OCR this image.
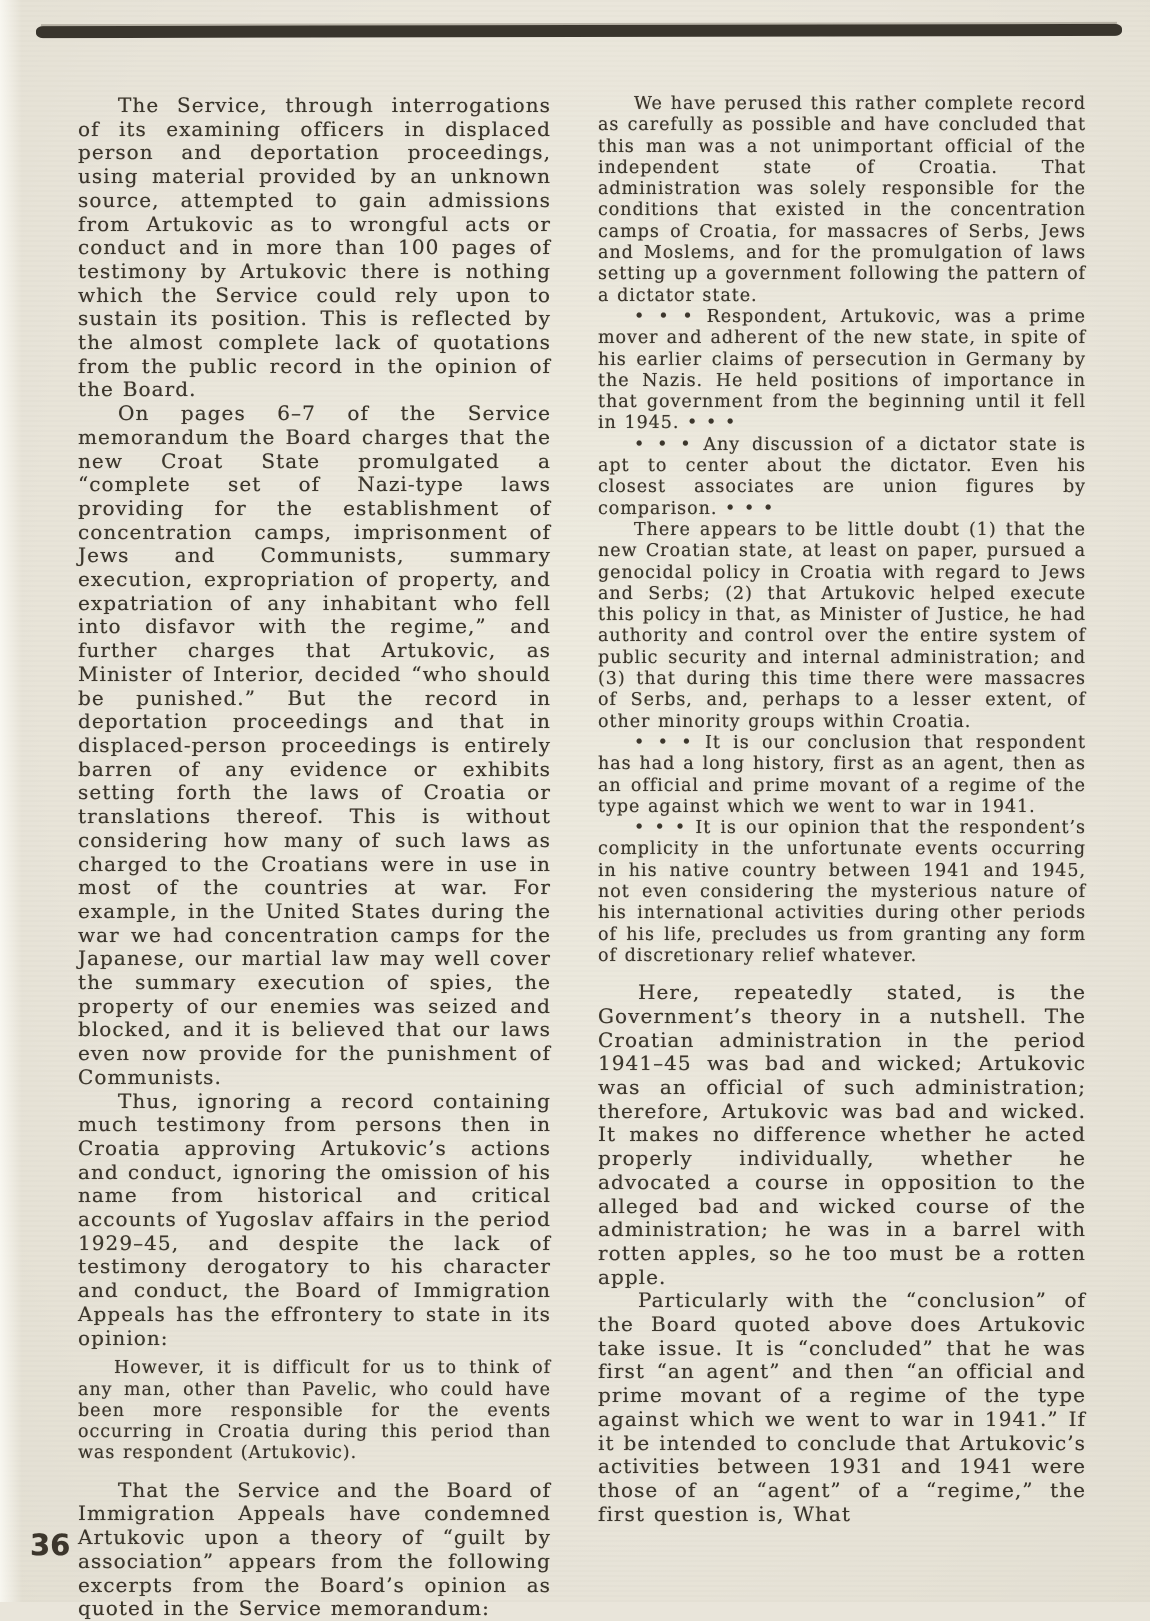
The Service, through interrogations of its examining officers in displaced person and deportation proceedings, using material provided by an unknown source, attempted to gain admissions from Artukovic as to wrongful acts or conduct and in more than 100 pages of testimony by Artukovic there is nothing which the Service could rely upon to sustain its position. This is reflected by the almost complete lack of quotations from the public record in the opinion of the Board.

On pages 6–7 of the Service memorandum the Board charges that the new Croat State promulgated a “complete set of Nazi-type laws providing for the establishment of concentration camps, imprisonment of Jews and Communists, summary execution, expropriation of property, and expatriation of any inhabitant who fell into disfavor with the regime,” and further charges that Artukovic, as Minister of Interior, decided “who should be punished.” But the record in deportation proceedings and that in displaced-person proceedings is entirely barren of any evidence or exhibits setting forth the laws of Croatia or translations thereof. This is without considering how many of such laws as charged to the Croatians were in use in most of the countries at war. For example, in the United States during the war we had concentration camps for the Japanese, our martial law may well cover the summary execution of spies, the property of our enemies was seized and blocked, and it is believed that our laws even now provide for the punishment of Communists.

Thus, ignoring a record containing much testimony from persons then in Croatia approving Artukovic’s actions and conduct, ignoring the omission of his name from historical and critical accounts of Yugoslav affairs in the period 1929–45, and despite the lack of testimony derogatory to his character and conduct, the Board of Immigration Appeals has the effrontery to state in its opinion:

However, it is difficult for us to think of any man, other than Pavelic, who could have been more responsible for the events occurring in Croatia during this period than was respondent (Artukovic).

That the Service and the Board of Immigration Appeals have condemned Artukovic upon a theory of “guilt by association” appears from the following excerpts from the Board’s opinion as quoted in the Service memorandum:

We have perused this rather complete record as carefully as possible and have concluded that this man was a not unimportant official of the independent state of Croatia. That administration was solely responsible for the conditions that existed in the concentration camps of Croatia, for massacres of Serbs, Jews and Moslems, and for the promulgation of laws setting up a government following the pattern of a dictator state.

• • • Respondent, Artukovic, was a prime mover and adherent of the new state, in spite of his earlier claims of persecution in Germany by the Nazis. He held positions of importance in that government from the beginning until it fell in 1945. • • •

• • • Any discussion of a dictator state is apt to center about the dictator. Even his closest associates are union figures by comparison. • • •

There appears to be little doubt (1) that the new Croatian state, at least on paper, pursued a genocidal policy in Croatia with regard to Jews and Serbs; (2) that Artukovic helped execute this policy in that, as Minister of Justice, he had authority and control over the entire system of public security and internal administration; and (3) that during this time there were massacres of Serbs, and, perhaps to a lesser extent, of other minority groups within Croatia.

• • • It is our conclusion that respondent has had a long history, first as an agent, then as an official and prime movant of a regime of the type against which we went to war in 1941.

• • • It is our opinion that the respondent’s complicity in the unfortunate events occurring in his native country between 1941 and 1945, not even considering the mysterious nature of his international activities during other periods of his life, precludes us from granting any form of discretionary relief whatever.

Here, repeatedly stated, is the Government’s theory in a nutshell. The Croatian administration in the period 1941–45 was bad and wicked; Artukovic was an official of such administration; therefore, Artukovic was bad and wicked. It makes no difference whether he acted properly individually, whether he advocated a course in opposition to the alleged bad and wicked course of the administration; he was in a barrel with rotten apples, so he too must be a rotten apple.

Particularly with the “conclusion” of the Board quoted above does Artukovic take issue. It is “concluded” that he was first “an agent” and then “an official and prime movant of a regime of the type against which we went to war in 1941.” If it be intended to conclude that Artukovic’s activities between 1931 and 1941 were those of an “agent” of a “regime,” the first question is, What

36
